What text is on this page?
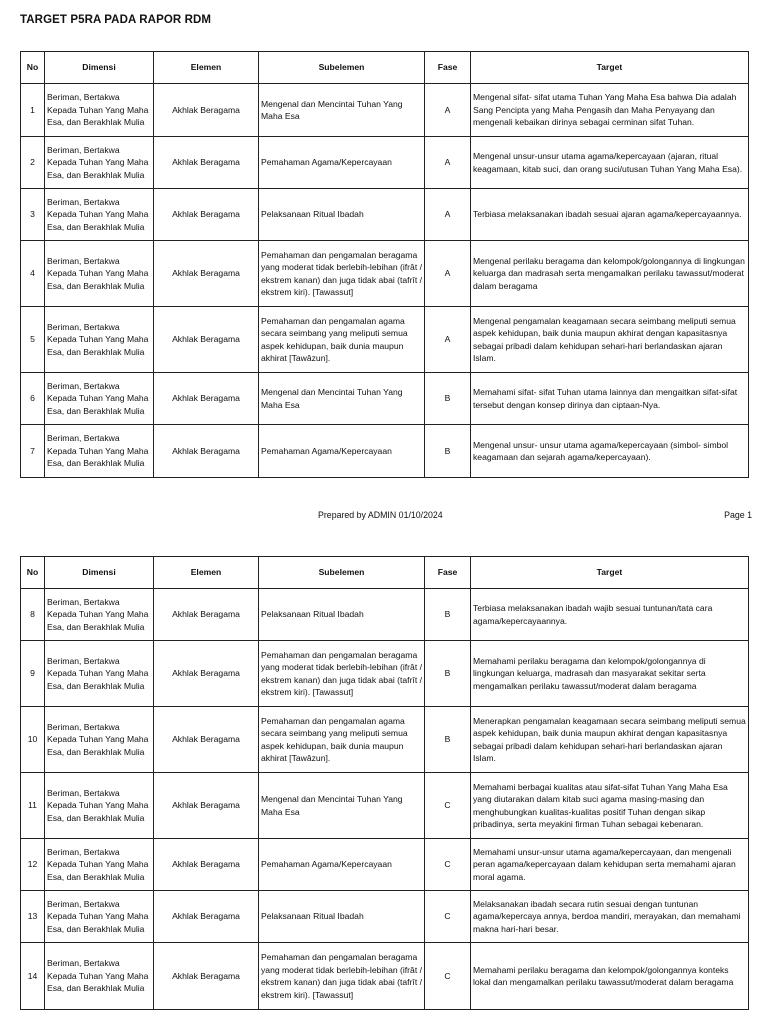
TARGET P5RA PADA RAPOR RDM
No	Dimensi	Elemen	Subelemen	Fase	Target
1	Beriman, Bertakwa Kepada Tuhan Yang Maha Esa, dan Berakhlak Mulia	Akhlak Beragama	Mengenal dan Mencintai Tuhan Yang Maha Esa	A	Mengenal sifat- sifat utama Tuhan Yang Maha Esa bahwa Dia adalah Sang Pencipta yang Maha Pengasih dan Maha Penyayang dan mengenali kebaikan dirinya sebagai cerminan sifat Tuhan.
2	Beriman, Bertakwa Kepada Tuhan Yang Maha Esa, dan Berakhlak Mulia	Akhlak Beragama	Pemahaman Agama/Kepercayaan	A	Mengenal unsur-unsur utama agama/kepercayaan (ajaran, ritual keagamaan, kitab suci, dan orang suci/utusan Tuhan Yang Maha Esa).
3	Beriman, Bertakwa Kepada Tuhan Yang Maha Esa, dan Berakhlak Mulia	Akhlak Beragama	Pelaksanaan Ritual Ibadah	A	Terbiasa melaksanakan ibadah sesuai ajaran agama/kepercayaannya.
4	Beriman, Bertakwa Kepada Tuhan Yang Maha Esa, dan Berakhlak Mulia	Akhlak Beragama	Pemahaman dan pengamalan beragama yang moderat tidak berlebih-lebihan (ifrât / ekstrem kanan) dan juga tidak abai (tafrît / ekstrem kiri). [Tawassut]	A	Mengenal perilaku beragama dan kelompok/golongannya di lingkungan keluarga dan madrasah serta mengamalkan perilaku tawassut/moderat dalam beragama
5	Beriman, Bertakwa Kepada Tuhan Yang Maha Esa, dan Berakhlak Mulia	Akhlak Beragama	Pemahaman dan pengamalan agama secara seimbang yang meliputi semua aspek kehidupan, baik dunia maupun akhirat [Tawâzun].	A	Mengenal pengamalan keagamaan secara seimbang meliputi semua aspek kehidupan, baik dunia maupun akhirat dengan kapasitasnya sebagai pribadi dalam kehidupan sehari-hari berlandaskan ajaran Islam.
6	Beriman, Bertakwa Kepada Tuhan Yang Maha Esa, dan Berakhlak Mulia	Akhlak Beragama	Mengenal dan Mencintai Tuhan Yang Maha Esa	B	Memahami sifat- sifat Tuhan utama lainnya dan mengaitkan sifat-sifat tersebut dengan konsep dirinya dan ciptaan-Nya.
7	Beriman, Bertakwa Kepada Tuhan Yang Maha Esa, dan Berakhlak Mulia	Akhlak Beragama	Pemahaman Agama/Kepercayaan	B	Mengenal unsur- unsur utama agama/kepercayaan (simbol- simbol keagamaan dan sejarah agama/kepercayaan).
Prepared by ADMIN 01/10/2024	Page 1
No	Dimensi	Elemen	Subelemen	Fase	Target
8	Beriman, Bertakwa Kepada Tuhan Yang Maha Esa, dan Berakhlak Mulia	Akhlak Beragama	Pelaksanaan Ritual Ibadah	B	Terbiasa melaksanakan ibadah wajib sesuai tuntunan/tata cara agama/kepercayaannya.
9	Beriman, Bertakwa Kepada Tuhan Yang Maha Esa, dan Berakhlak Mulia	Akhlak Beragama	Pemahaman dan pengamalan beragama yang moderat tidak berlebih-lebihan (ifrât / ekstrem kanan) dan juga tidak abai (tafrît / ekstrem kiri). [Tawassut]	B	Memahami perilaku beragama dan kelompok/golongannya di lingkungan keluarga, madrasah dan masyarakat sekitar serta mengamalkan perilaku tawassut/moderat dalam beragama
10	Beriman, Bertakwa Kepada Tuhan Yang Maha Esa, dan Berakhlak Mulia	Akhlak Beragama	Pemahaman dan pengamalan agama secara seimbang yang meliputi semua aspek kehidupan, baik dunia maupun akhirat [Tawâzun].	B	Menerapkan pengamalan keagamaan secara seimbang meliputi semua aspek kehidupan, baik dunia maupun akhirat dengan kapasitasnya sebagai pribadi dalam kehidupan sehari-hari berlandaskan ajaran Islam.
11	Beriman, Bertakwa Kepada Tuhan Yang Maha Esa, dan Berakhlak Mulia	Akhlak Beragama	Mengenal dan Mencintai Tuhan Yang Maha Esa	C	Memahami berbagai kualitas atau sifat-sifat Tuhan Yang Maha Esa yang diutarakan dalam kitab suci agama masing-masing dan menghubungkan kualitas-kualitas positif Tuhan dengan sikap pribadinya, serta meyakini firman Tuhan sebagai kebenaran.
12	Beriman, Bertakwa Kepada Tuhan Yang Maha Esa, dan Berakhlak Mulia	Akhlak Beragama	Pemahaman Agama/Kepercayaan	C	Memahami unsur-unsur utama agama/kepercayaan, dan mengenali peran agama/kepercayaan dalam kehidupan serta memahami ajaran moral agama.
13	Beriman, Bertakwa Kepada Tuhan Yang Maha Esa, dan Berakhlak Mulia	Akhlak Beragama	Pelaksanaan Ritual Ibadah	C	Melaksanakan ibadah secara rutin sesuai dengan tuntunan agama/kepercaya annya, berdoa mandiri, merayakan, dan memahami makna hari-hari besar.
14	Beriman, Bertakwa Kepada Tuhan Yang Maha Esa, dan Berakhlak Mulia	Akhlak Beragama	Pemahaman dan pengamalan beragama yang moderat tidak berlebih-lebihan (ifrât / ekstrem kanan) dan juga tidak abai (tafrît / ekstrem kiri). [Tawassut]	C	Memahami perilaku beragama dan kelompok/golongannya konteks lokal dan mengamalkan perilaku tawassut/moderat dalam beragama
